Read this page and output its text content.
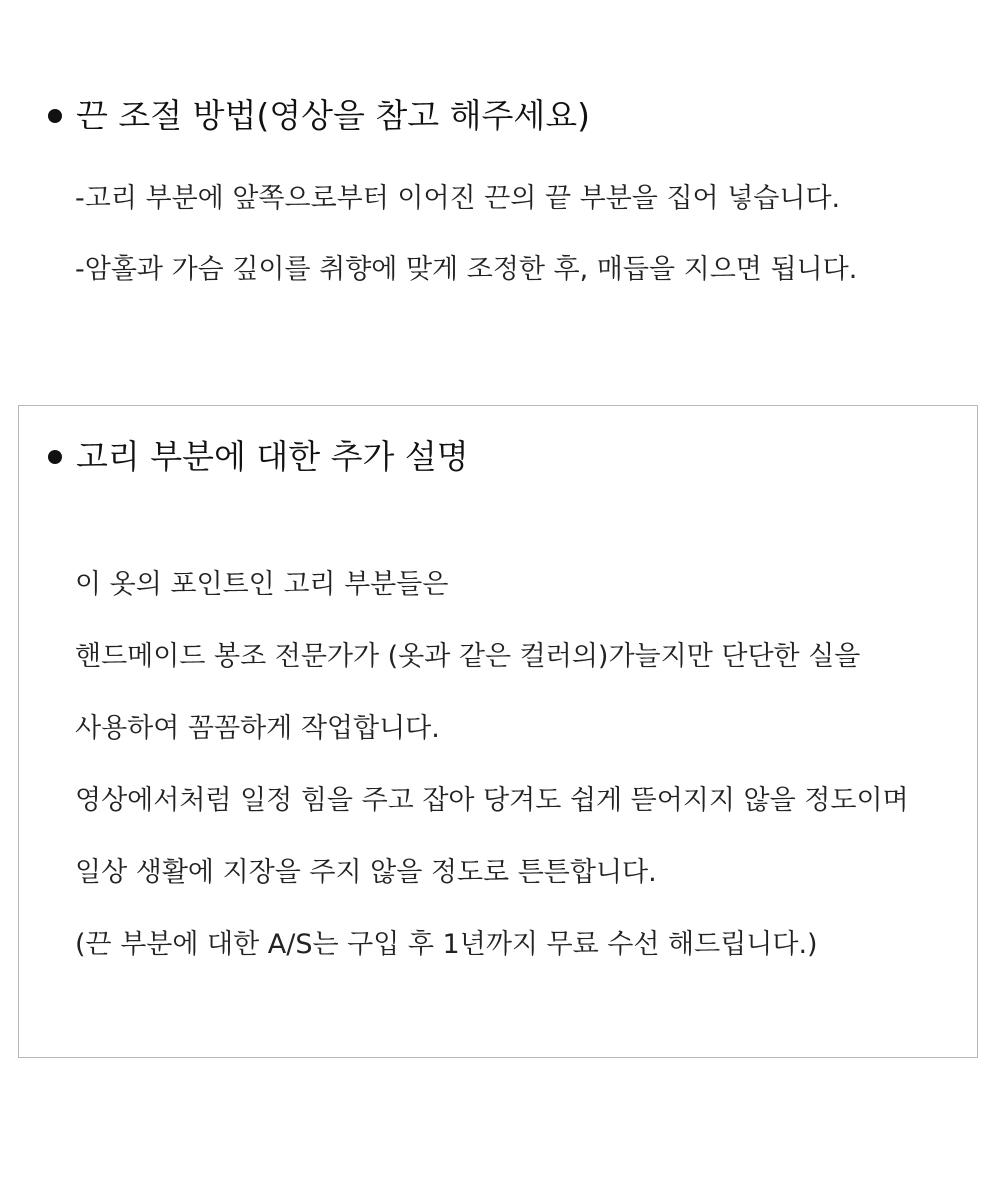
끈 조절 방법(영상을 참고 해주세요)
-고리 부분에 앞쪽으로부터 이어진 끈의 끝 부분을 집어 넣습니다.
-암홀과 가슴 깊이를 취향에 맞게 조정한 후, 매듭을 지으면 됩니다.
고리 부분에 대한 추가 설명
이 옷의 포인트인 고리 부분들은
핸드메이드 봉조 전문가가 (옷과 같은 컬러의)가늘지만 단단한 실을
사용하여 꼼꼼하게 작업합니다.
영상에서처럼 일정 힘을 주고 잡아 당겨도 쉽게 뜯어지지 않을 정도이며
일상 생활에 지장을 주지 않을 정도로 튼튼합니다.
(끈 부분에 대한 A/S는 구입 후 1년까지 무료 수선 해드립니다.)
